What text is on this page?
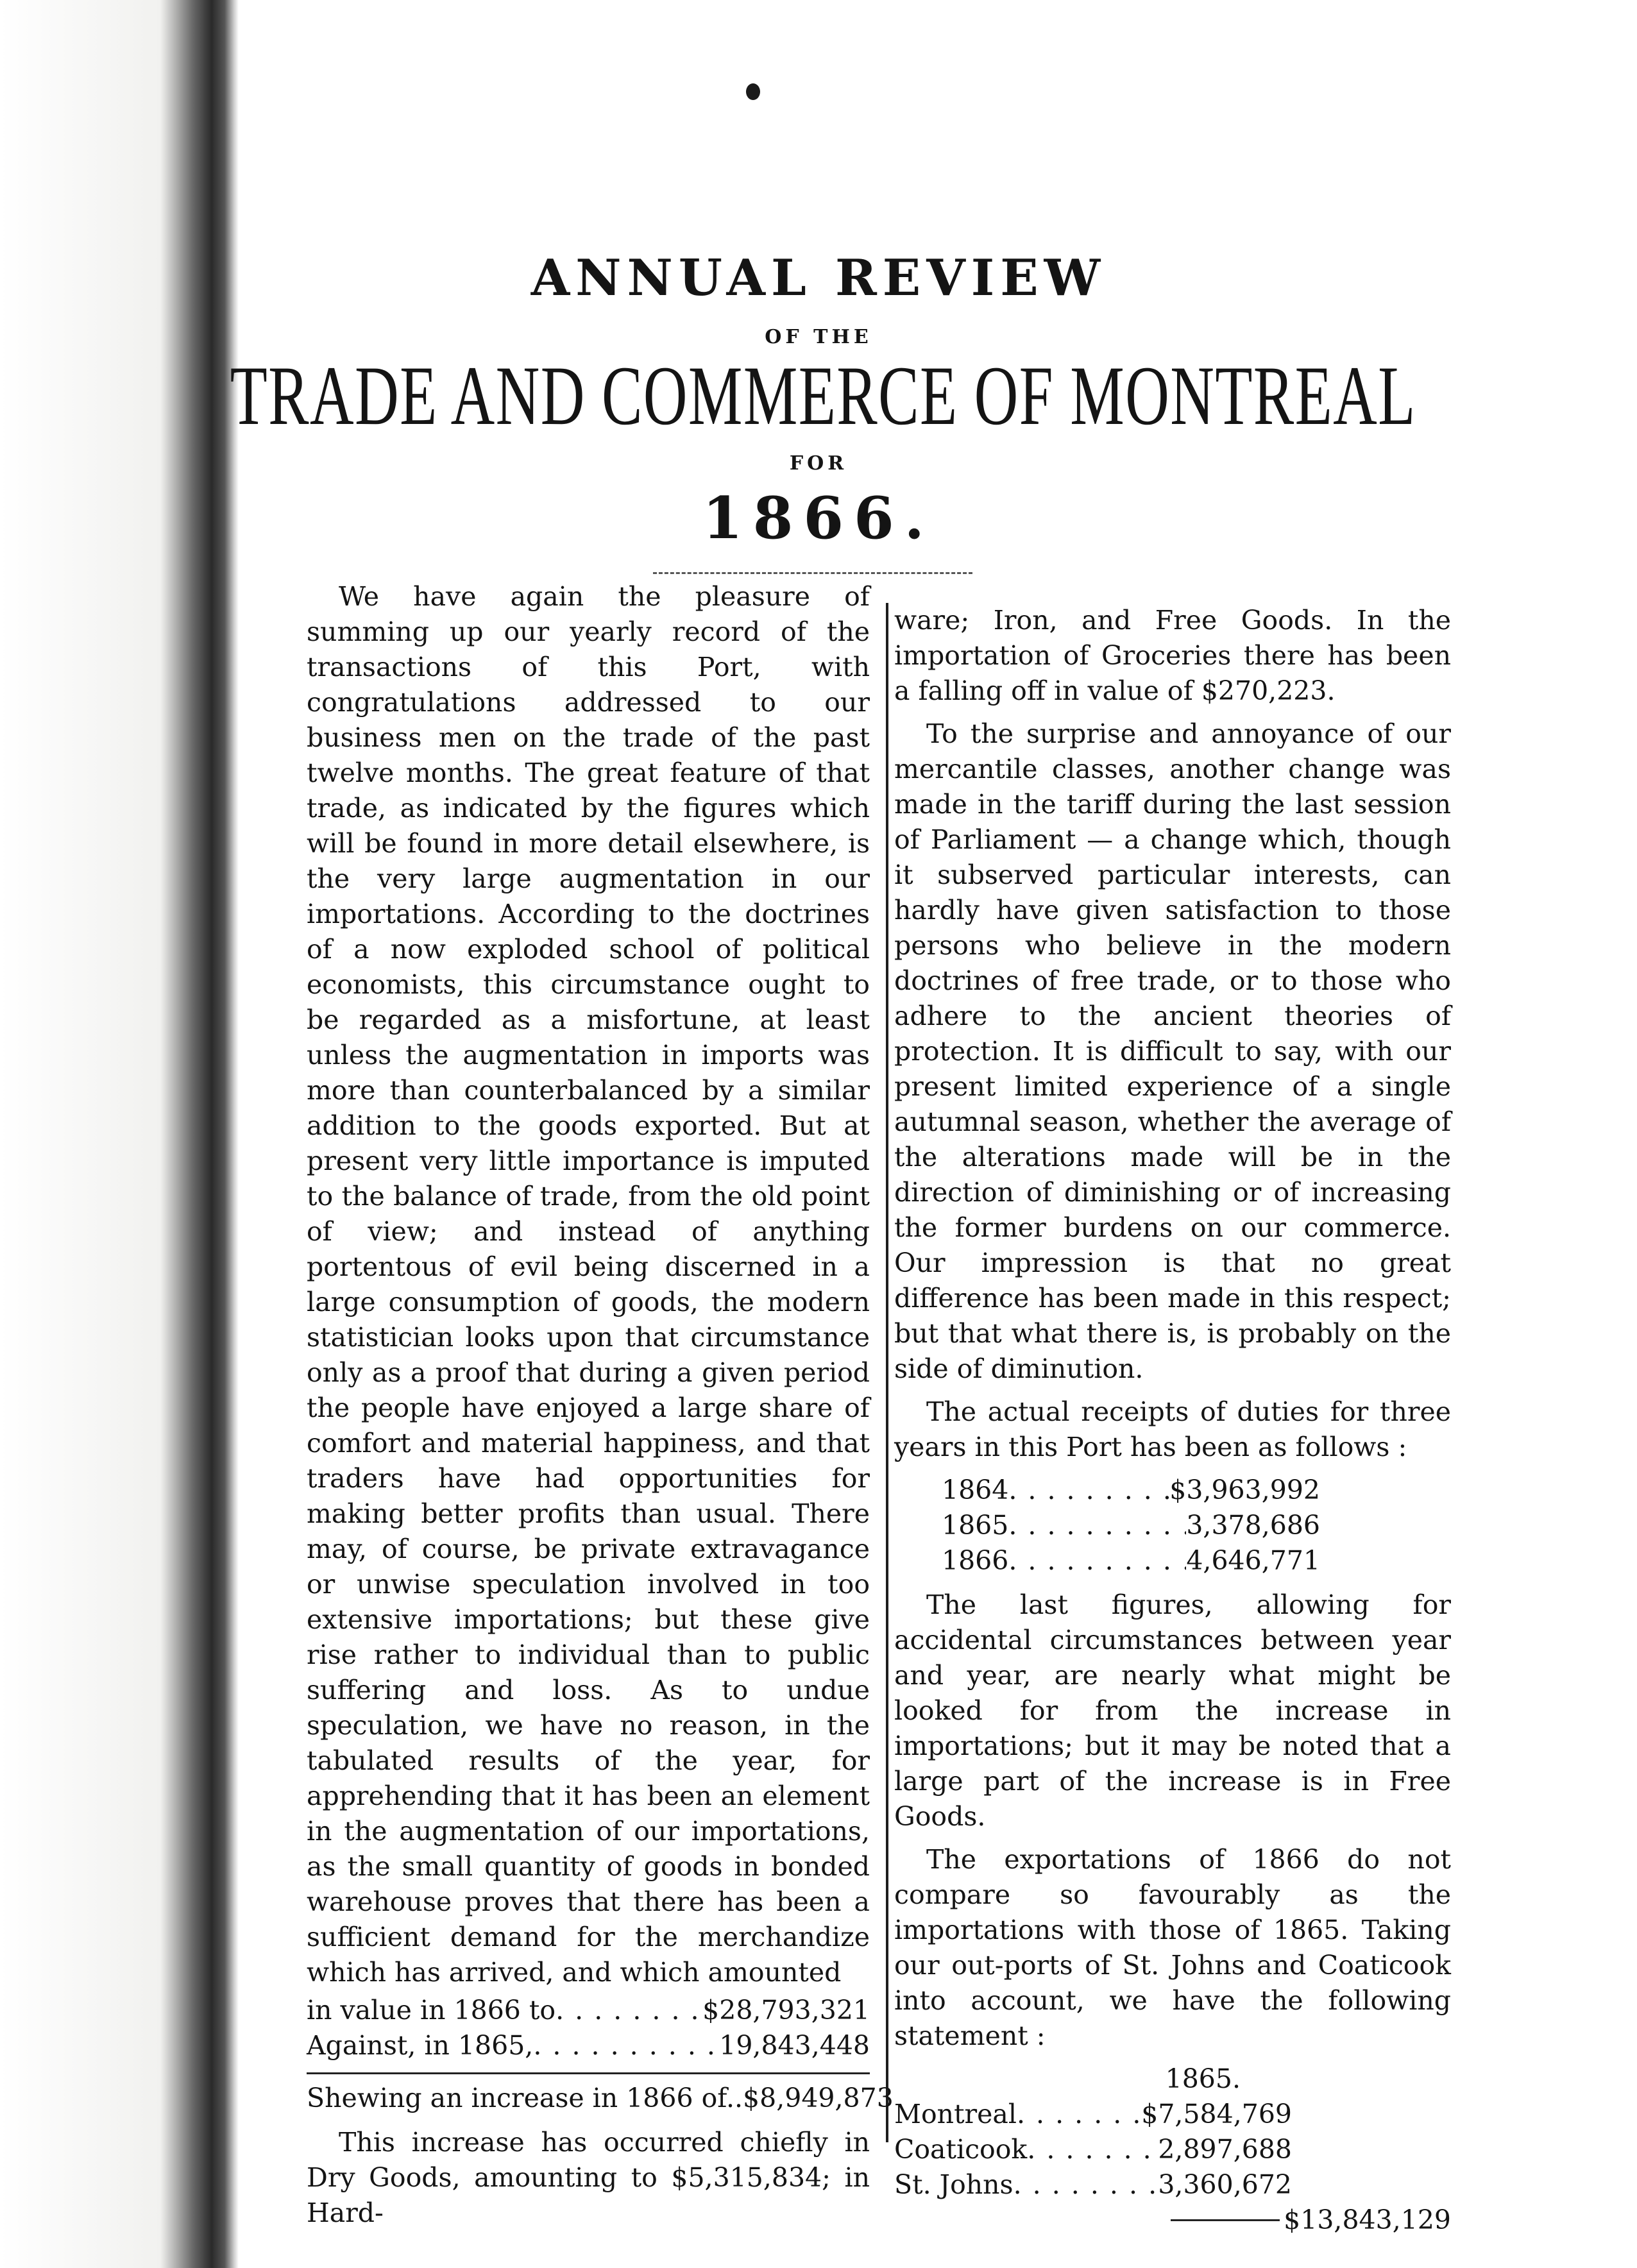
ANNUAL REVIEW
OF THE
TRADE AND COMMERCE OF MONTREAL
FOR
1866.

We have again the pleasure of summing up our yearly record of the transactions of this Port, with congratulations addressed to our business men on the trade of the past twelve months. The great feature of that trade, as indicated by the figures which will be found in more detail elsewhere, is the very large augmentation in our importations. According to the doctrines of a now exploded school of political economists, this circumstance ought to be regarded as a misfortune, at least unless the augmentation in imports was more than counterbalanced by a similar addition to the goods exported. But at present very little importance is imputed to the balance of trade, from the old point of view; and instead of anything portentous of evil being discerned in a large consumption of goods, the modern statistician looks upon that circumstance only as a proof that during a given period the people have enjoyed a large share of comfort and material happiness, and that traders have had opportunities for making better profits than usual. There may, of course, be private extravagance or unwise speculation involved in too extensive importations; but these give rise rather to individual than to public suffering and loss. As to undue speculation, we have no reason, in the tabulated results of the year, for apprehending that it has been an element in the augmentation of our importations, as the small quantity of goods in bonded warehouse proves that there has been a sufficient demand for the merchandize which has arrived, and which amounted

in value in 1866 to . . .	$28,793,321
Against, in 1865, . . .	19,843,448
Shewing an increase in 1866 of.. $8,949,873

This increase has occurred chiefly in Dry Goods, amounting to $5,315,834; in Hard-

ware; Iron, and Free Goods. In the importation of Groceries there has been a falling off in value of $270,223.

To the surprise and annoyance of our mercantile classes, another change was made in the tariff during the last session of Parliament — a change which, though it subserved particular interests, can hardly have given satisfaction to those persons who believe in the modern doctrines of free trade, or to those who adhere to the ancient theories of protection. It is difficult to say, with our present limited experience of a single autumnal season, whether the average of the alterations made will be in the direction of diminishing or of increasing the former burdens on our commerce. Our impression is that no great difference has been made in this respect; but that what there is, is probably on the side of diminution.

The actual receipts of duties for three years in this Port has been as follows :

1864 . . .	$3,963,992
1865 . . .	3,378,686
1866 . . .	4,646,771

The last figures, allowing for accidental circumstances between year and year, are nearly what might be looked for from the increase in importations; but it may be noted that a large part of the increase is in Free Goods.

The exportations of 1866 do not compare so favourably as the importations with those of 1865. Taking our out-ports of St. Johns and Coaticook into account, we have the following statement :

1865.
Montreal . . .	$7,584,769
Coaticook . . .	2,897,688
St. Johns . . .	3,360,672
$13,843,129
